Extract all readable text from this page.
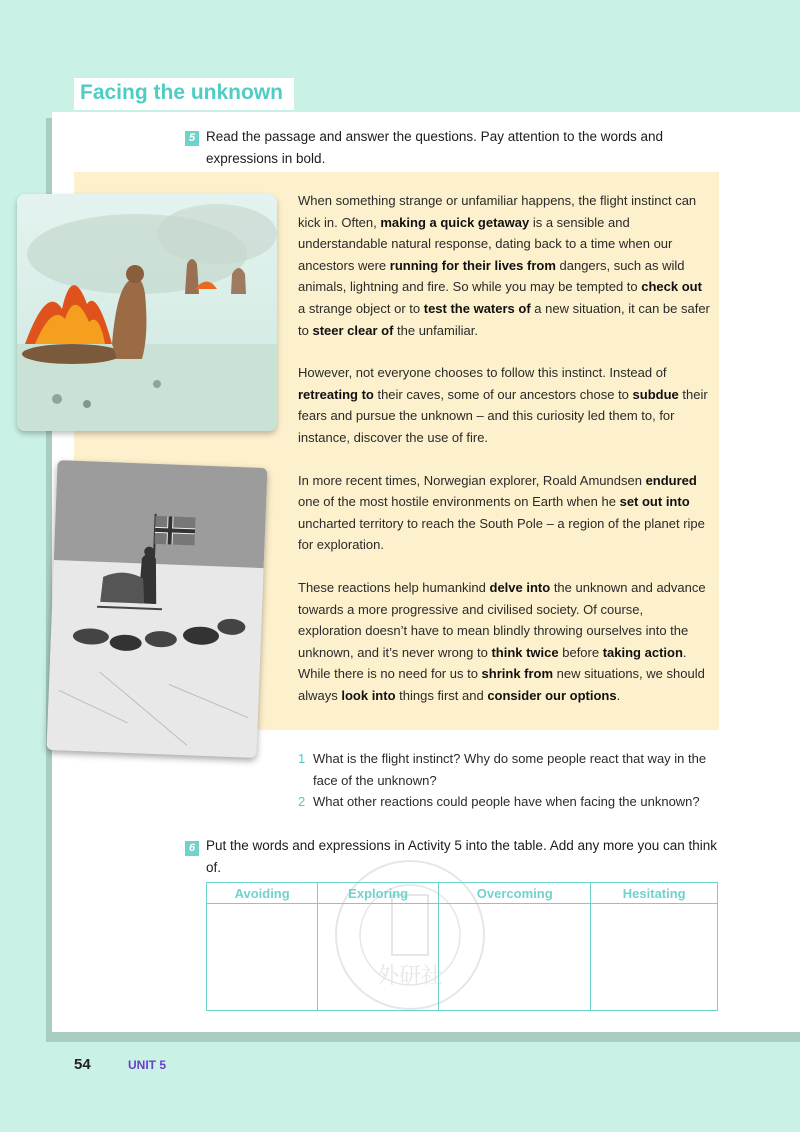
Facing the unknown
5 Read the passage and answer the questions. Pay attention to the words and expressions in bold.

When something strange or unfamiliar happens, the flight instinct can kick in. Often, making a quick getaway is a sensible and understandable natural response, dating back to a time when our ancestors were running for their lives from dangers, such as wild animals, lightning and fire. So while you may be tempted to check out a strange object or to test the waters of a new situation, it can be safer to steer clear of the unfamiliar.

However, not everyone chooses to follow this instinct. Instead of retreating to their caves, some of our ancestors chose to subdue their fears and pursue the unknown – and this curiosity led them to, for instance, discover the use of fire.

In more recent times, Norwegian explorer, Roald Amundsen endured one of the most hostile environments on Earth when he set out into uncharted territory to reach the South Pole – a region of the planet ripe for exploration.

These reactions help humankind delve into the unknown and advance towards a more progressive and civilised society. Of course, exploration doesn’t have to mean blindly throwing ourselves into the unknown, and it’s never wrong to think twice before taking action. While there is no need for us to shrink from new situations, we should always look into things first and consider our options.

1 What is the flight instinct? Why do some people react that way in the face of the unknown?
2 What other reactions could people have when facing the unknown?
6 Put the words and expressions in Activity 5 into the table. Add any more you can think of.
外研社
Avoiding	Exploring	Overcoming	Hesitating

54	UNIT 5
